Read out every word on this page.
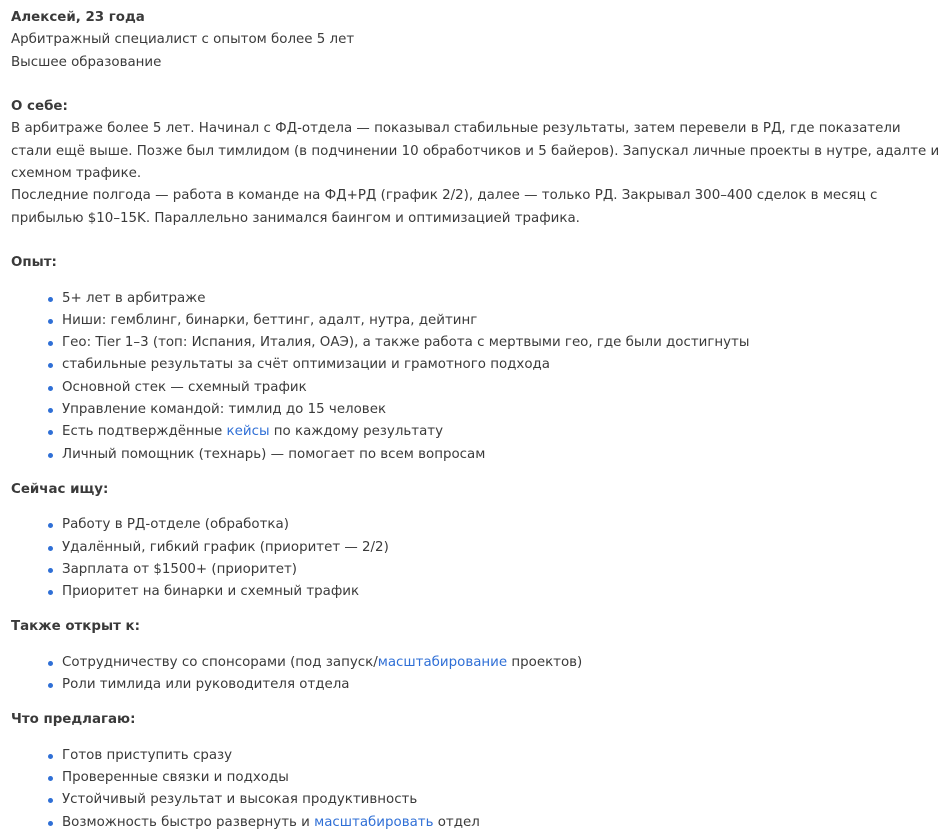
Алексей, 23 года
Арбитражный специалист с опытом более 5 лет
Высшее образование
О себе:
В арбитраже более 5 лет. Начинал с ФД-отдела — показывал стабильные результаты, затем перевели в РД, где показатели стали ещё выше. Позже был тимлидом (в подчинении 10 обработчиков и 5 байеров). Запускал личные проекты в нутре, адалте и схемном трафике.
Последние полгода — работа в команде на ФД+РД (график 2/2), далее — только РД. Закрывал 300–400 сделок в месяц с прибылью $10–15K. Параллельно занимался баингом и оптимизацией трафика.
Опыт:
5+ лет в арбитраже
Ниши: гемблинг, бинарки, беттинг, адалт, нутра, дейтинг
Гео: Tier 1–3 (топ: Испания, Италия, ОАЭ), а также работа с мертвыми гео, где были достигнуты
стабильные результаты за счёт оптимизации и грамотного подхода
Основной стек — схемный трафик
Управление командой: тимлид до 15 человек
Есть подтверждённые кейсы по каждому результату
Личный помощник (технарь) — помогает по всем вопросам
Сейчас ищу:
Работу в РД-отделе (обработка)
Удалённый, гибкий график (приоритет — 2/2)
Зарплата от $1500+ (приоритет)
Приоритет на бинарки и схемный трафик
Также открыт к:
Сотрудничеству со спонсорами (под запуск/масштабирование проектов)
Роли тимлида или руководителя отдела
Что предлагаю:
Готов приступить сразу
Проверенные связки и подходы
Устойчивый результат и высокая продуктивность
Возможность быстро развернуть и масштабировать отдел
